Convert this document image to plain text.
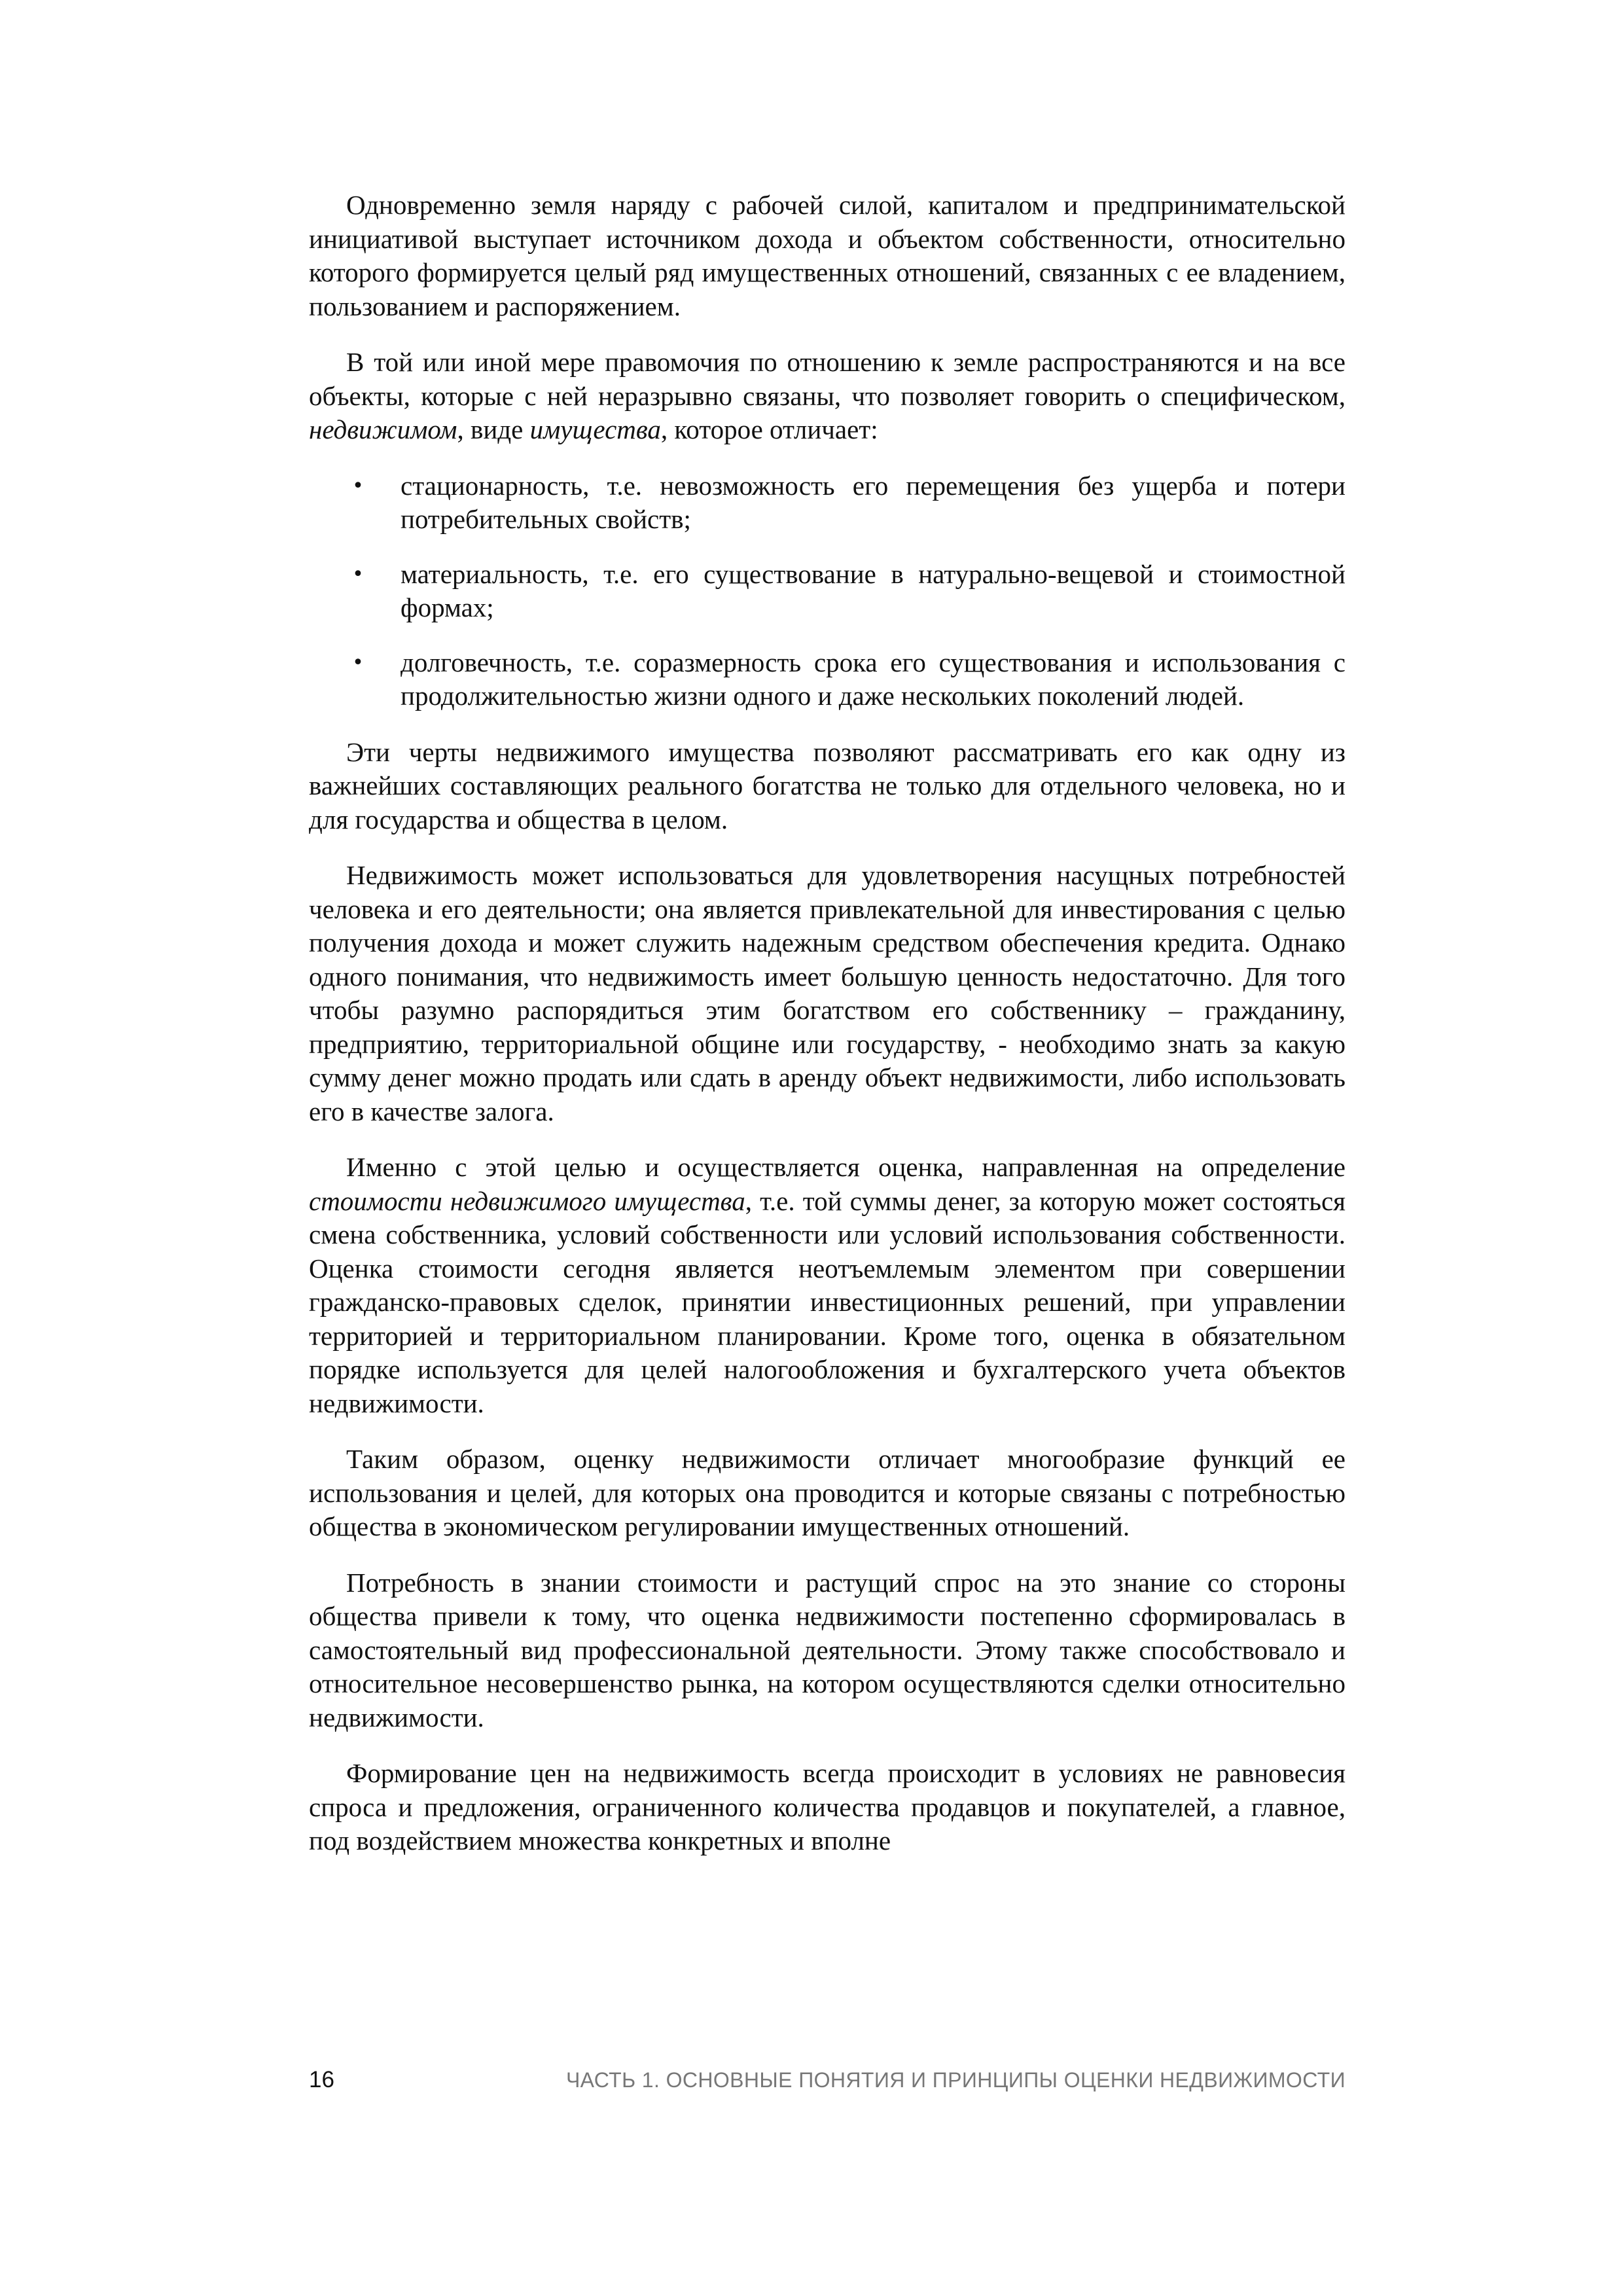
Одновременно земля наряду с рабочей силой, капиталом и предпринимательской инициативой выступает источником дохода и объектом собственности, относительно которого формируется целый ряд имущественных отношений, связанных с ее владением, пользованием и распоряжением.

В той или иной мере правомочия по отношению к земле распространяются и на все объекты, которые с ней неразрывно связаны, что позволяет говорить о специфическом, недвижимом, виде имущества, которое отличает:

• стационарность, т.е. невозможность его перемещения без ущерба и потери потребительных свойств;
• материальность, т.е. его существование в натурально-вещевой и стоимостной формах;
• долговечность, т.е. соразмерность срока его существования и использования с продолжительностью жизни одного и даже нескольких поколений людей.

Эти черты недвижимого имущества позволяют рассматривать его как одну из важнейших составляющих реального богатства не только для отдельного человека, но и для государства и общества в целом.

Недвижимость может использоваться для удовлетворения насущных потребностей человека и его деятельности; она является привлекательной для инвестирования с целью получения дохода и может служить надежным средством обеспечения кредита. Однако одного понимания, что недвижимость имеет большую ценность недостаточно. Для того чтобы разумно распорядиться этим богатством его собственнику – гражданину, предприятию, территориальной общине или государству, - необходимо знать за какую сумму денег можно продать или сдать в аренду объект недвижимости, либо использовать его в качестве залога.

Именно с этой целью и осуществляется оценка, направленная на определение стоимости недвижимого имущества, т.е. той суммы денег, за которую может состояться смена собственника, условий собственности или условий использования собственности. Оценка стоимости сегодня является неотъемлемым элементом при совершении гражданско-правовых сделок, принятии инвестиционных решений, при управлении территорией и территориальном планировании. Кроме того, оценка в обязательном порядке используется для целей налогообложения и бухгалтерского учета объектов недвижимости.

Таким образом, оценку недвижимости отличает многообразие функций ее использования и целей, для которых она проводится и которые связаны с потребностью общества в экономическом регулировании имущественных отношений.

Потребность в знании стоимости и растущий спрос на это знание со стороны общества привели к тому, что оценка недвижимости постепенно сформировалась в самостоятельный вид профессиональной деятельности. Этому также способствовало и относительное несовершенство рынка, на котором осуществляются сделки относительно недвижимости.

Формирование цен на недвижимость всегда происходит в условиях не равновесия спроса и предложения, ограниченного количества продавцов и покупателей, а главное, под воздействием множества конкретных и вполне

16	ЧАСТЬ 1. ОСНОВНЫЕ ПОНЯТИЯ И ПРИНЦИПЫ ОЦЕНКИ НЕДВИЖИМОСТИ
